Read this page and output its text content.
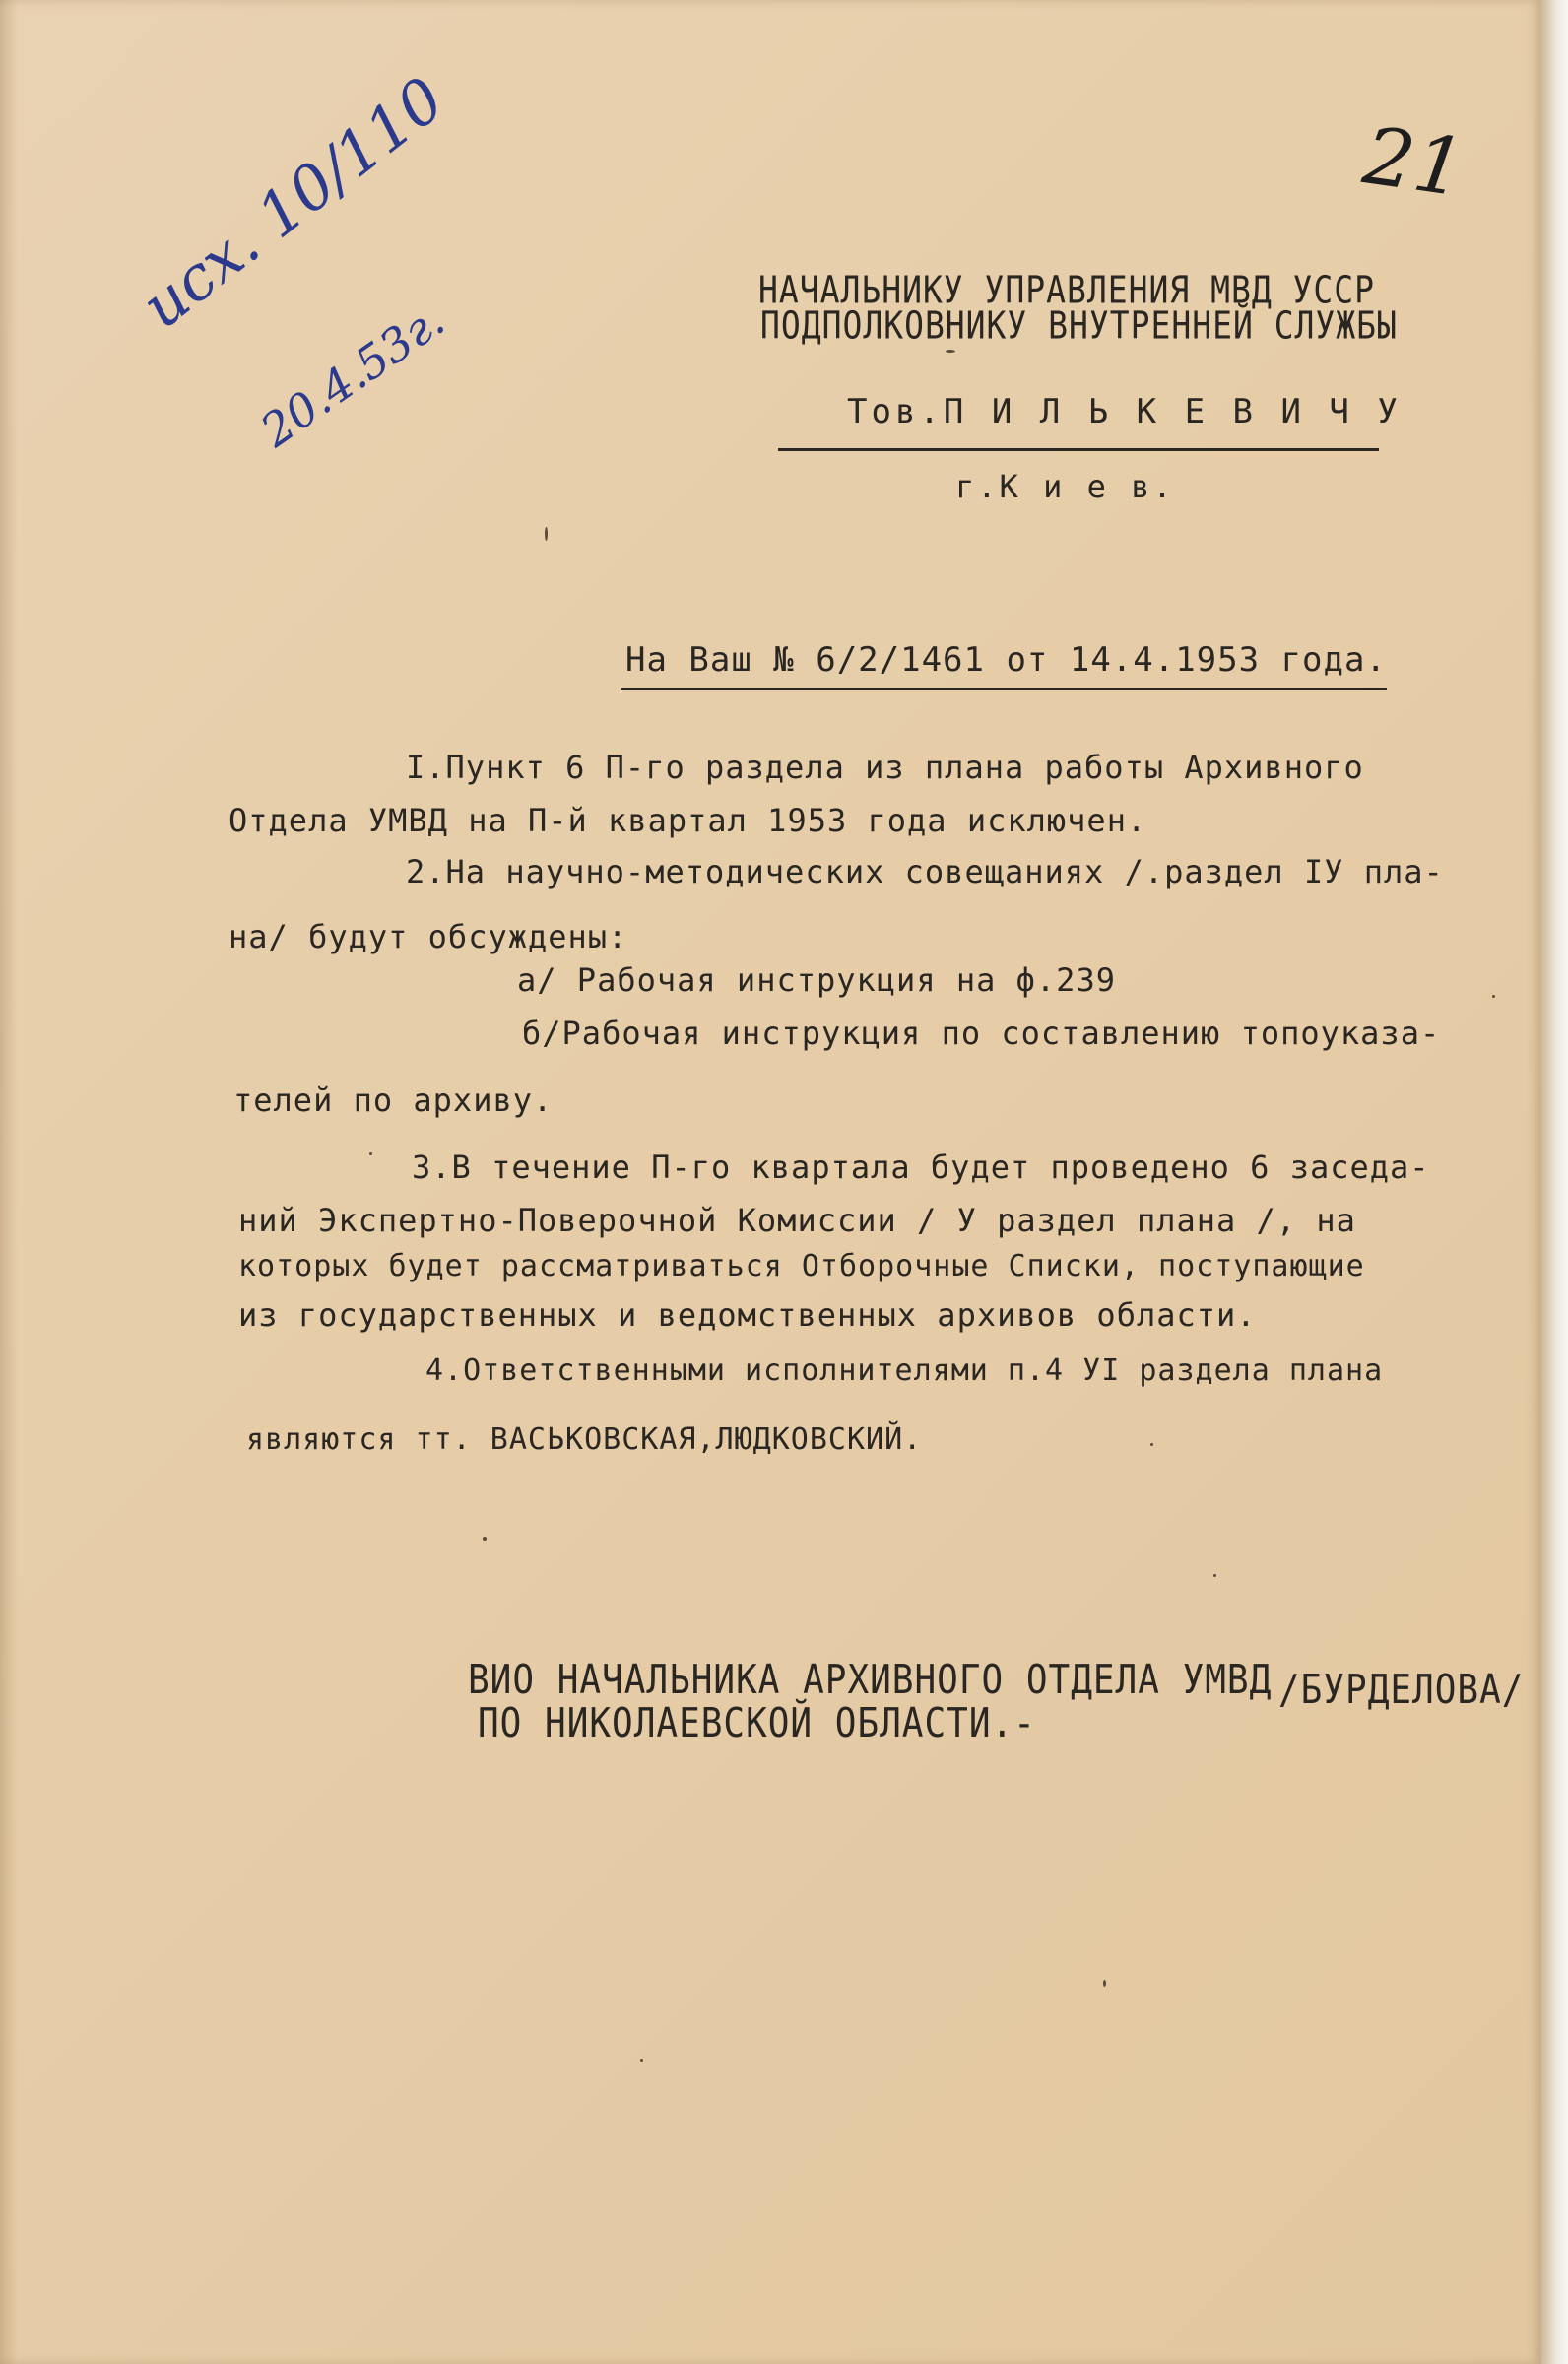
21
исх. 10/110
20.4.53г.
НАЧАЛЬНИКУ УПРАВЛЕНИЯ МВД УССР
ПОДПОЛКОВНИКУ ВНУТРЕННЕЙ СЛУЖБЫ
Тов.П И Л Ь К Е В И Ч У
г.К и е в.
На Ваш № 6/2/1461 от 14.4.1953 года.
I.Пункт 6 П-го раздела из плана работы Архивного
Отдела УМВД на П-й квартал 1953 года исключен.
2.На научно-методических совещаниях /.раздел IУ пла-
на/ будут обсуждены:
а/ Рабочая инструкция на ф.239
б/Рабочая инструкция по составлению топоуказа-
телей по архиву.
3.В течение П-го квартала будет проведено 6 заседа-
ний Экспертно-Поверочной Комиссии / У раздел плана /, на
которых будет рассматриваться Отборочные Списки, поступающие
из государственных и ведомственных архивов области.
4.Ответственными исполнителями п.4 УI раздела плана
являются тт. ВАСЬКОВСКАЯ,ЛЮДКОВСКИЙ.
ВИО НАЧАЛЬНИКА АРХИВНОГО ОТДЕЛА УМВД
ПО НИКОЛАЕВСКОЙ ОБЛАСТИ.-
/БУРДЕЛОВА/
